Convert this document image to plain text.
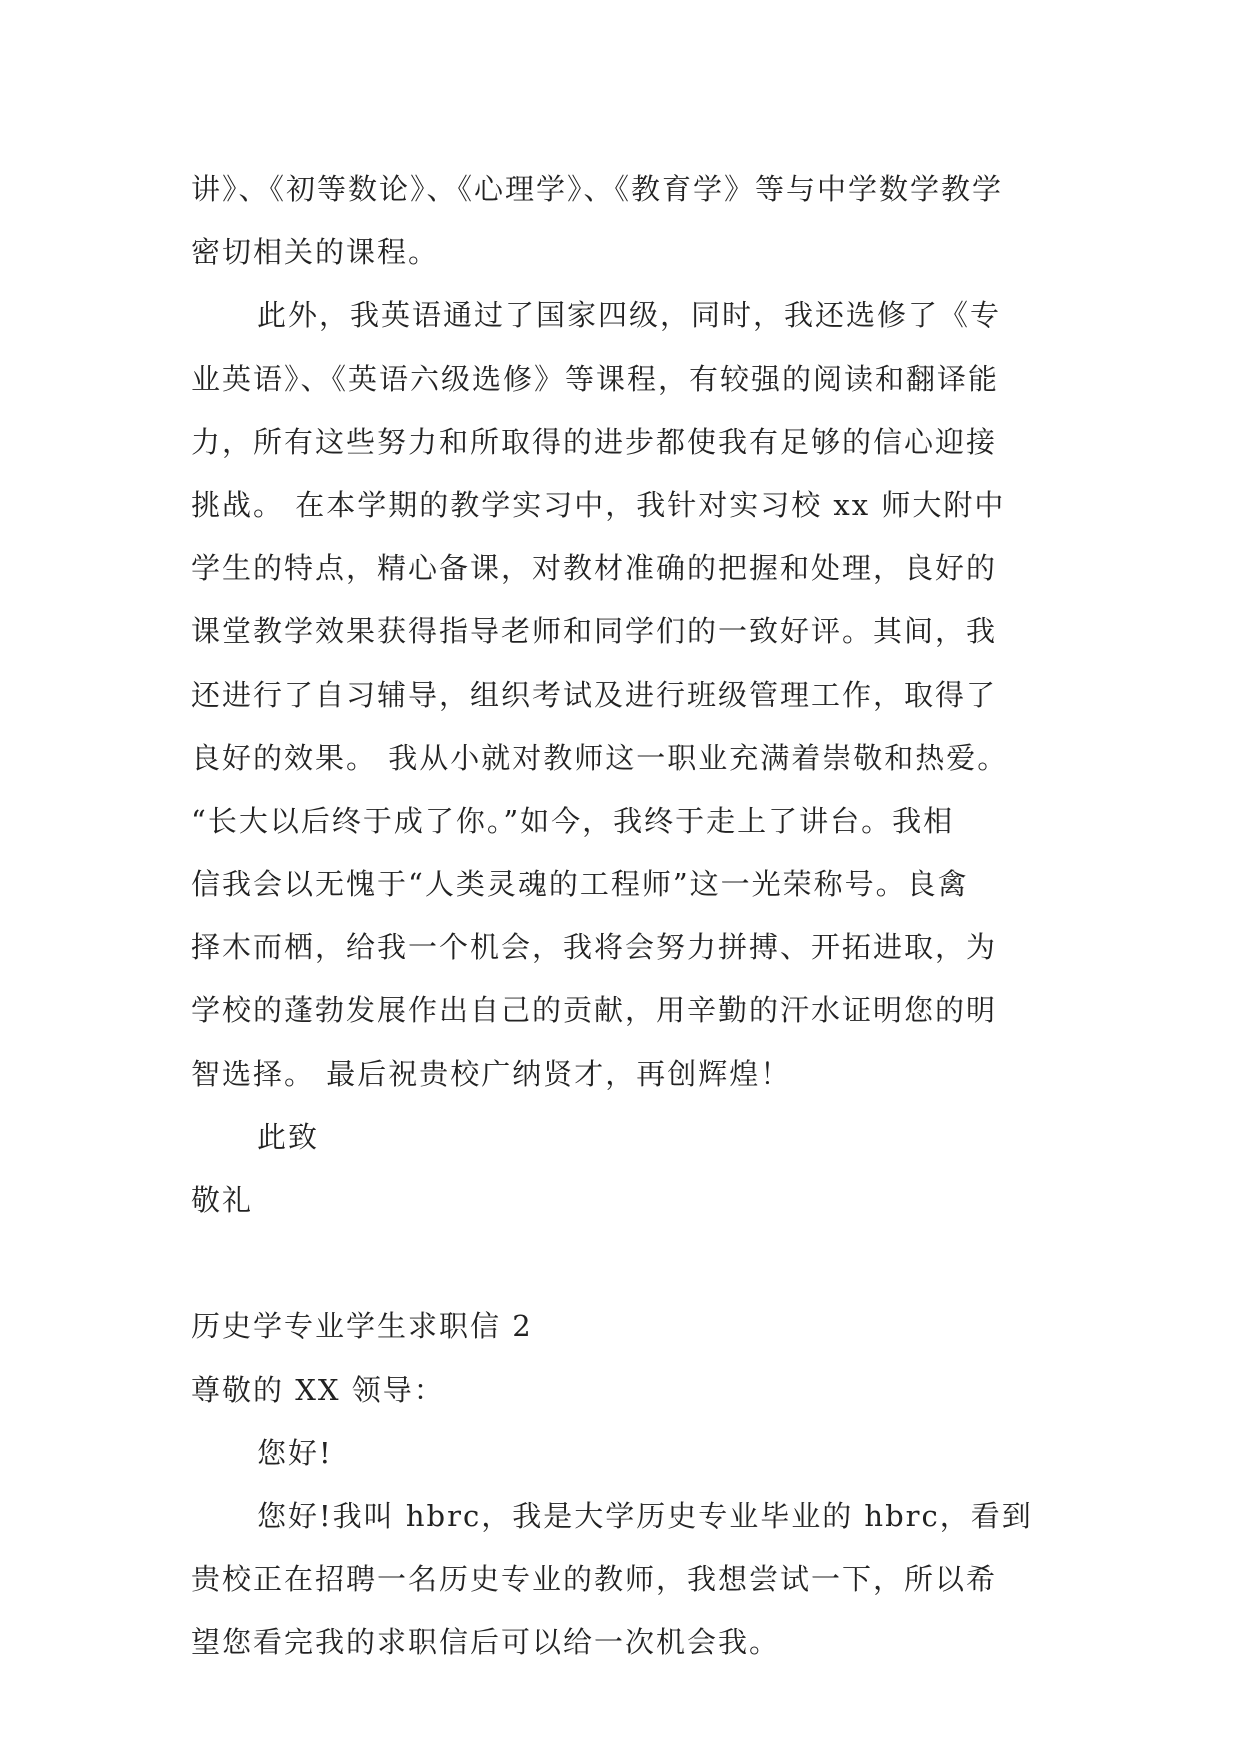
讲》、《初等数论》、《心理学》、《教育学》等与中学数学教学
密切相关的课程。
此外，我英语通过了国家四级，同时，我还选修了《专
业英语》、《英语六级选修》等课程，有较强的阅读和翻译能
力，所有这些努力和所取得的进步都使我有足够的信心迎接
挑战。 在本学期的教学实习中，我针对实习校 xx 师大附中
学生的特点，精心备课，对教材准确的把握和处理，良好的
课堂教学效果获得指导老师和同学们的一致好评。其间，我
还进行了自习辅导，组织考试及进行班级管理工作，取得了
良好的效果。 我从小就对教师这一职业充满着崇敬和热爱。
“长大以后终于成了你。”如今，我终于走上了讲台。我相
信我会以无愧于“人类灵魂的工程师”这一光荣称号。良禽
择木而栖，给我一个机会，我将会努力拼搏、开拓进取，为
学校的蓬勃发展作出自己的贡献，用辛勤的汗水证明您的明
智选择。 最后祝贵校广纳贤才，再创辉煌！
此致
敬礼
历史学专业学生求职信 2
尊敬的 XX 领导：
您好!
您好!我叫 hbrc，我是大学历史专业毕业的 hbrc，看到
贵校正在招聘一名历史专业的教师，我想尝试一下，所以希
望您看完我的求职信后可以给一次机会我。
